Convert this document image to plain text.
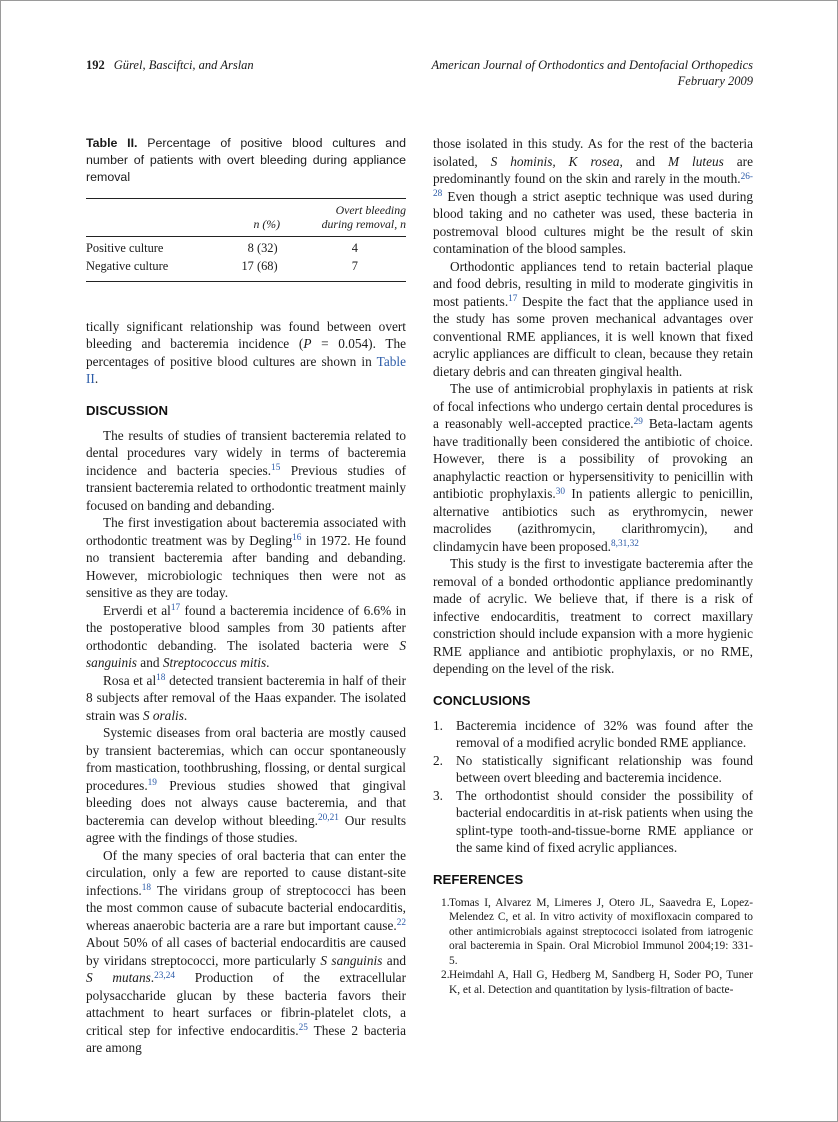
192 Gürel, Basciftci, and Arslan	American Journal of Orthodontics and Dentofacial Orthopedics
February 2009
Table II. Percentage of positive blood cultures and number of patients with overt bleeding during appliance removal
	n (%)	Overt bleeding during removal, n
Positive culture	8 (32)	4
Negative culture	17 (68)	7

tically significant relationship was found between overt bleeding and bacteremia incidence (P = 0.054). The percentages of positive blood cultures are shown in Table II.

DISCUSSION

The results of studies of transient bacteremia related to dental procedures vary widely in terms of bacteremia incidence and bacteria species.$^{15}$ Previous studies of transient bacteremia related to orthodontic treatment mainly focused on banding and debanding.

The first investigation about bacteremia associated with orthodontic treatment was by Degling$^{16}$ in 1972. He found no transient bacteremia after banding and debanding. However, microbiologic techniques then were not as sensitive as they are today.

Erverdi et al$^{17}$ found a bacteremia incidence of 6.6% in the postoperative blood samples from 30 patients after orthodontic debanding. The isolated bacteria were S sanguinis and Streptococcus mitis.

Rosa et al$^{18}$ detected transient bacteremia in half of their 8 subjects after removal of the Haas expander. The isolated strain was S oralis.

Systemic diseases from oral bacteria are mostly caused by transient bacteremias, which can occur spontaneously from mastication, toothbrushing, flossing, or dental surgical procedures.$^{19}$ Previous studies showed that gingival bleeding does not always cause bacteremia, and that bacteremia can develop without bleeding.$^{20,21}$ Our results agree with the findings of those studies.

Of the many species of oral bacteria that can enter the circulation, only a few are reported to cause distant-site infections.$^{18}$ The viridans group of streptococci has been the most common cause of subacute bacterial endocarditis, whereas anaerobic bacteria are a rare but important cause.$^{22}$ About 50% of all cases of bacterial endocarditis are caused by viridans streptococci, more particularly S sanguinis and S mutans.$^{23,24}$ Production of the extracellular polysaccharide glucan by these bacteria favors their attachment to heart surfaces or fibrin-platelet clots, a critical step for infective endocarditis.$^{25}$ These 2 bacteria are among

those isolated in this study. As for the rest of the bacteria isolated, S hominis, K rosea, and M luteus are predominantly found on the skin and rarely in the mouth.$^{26-28}$ Even though a strict aseptic technique was used during blood taking and no catheter was used, these bacteria in postremoval blood cultures might be the result of skin contamination of the blood samples.

Orthodontic appliances tend to retain bacterial plaque and food debris, resulting in mild to moderate gingivitis in most patients.$^{17}$ Despite the fact that the appliance used in the study has some proven mechanical advantages over conventional RME appliances, it is well known that fixed acrylic appliances are difficult to clean, because they retain dietary debris and can threaten gingival health.

The use of antimicrobial prophylaxis in patients at risk of focal infections who undergo certain dental procedures is a reasonably well-accepted practice.$^{29}$ Beta-lactam agents have traditionally been considered the antibiotic of choice. However, there is a possibility of provoking an anaphylactic reaction or hypersensitivity to penicillin with antibiotic prophylaxis.$^{30}$ In patients allergic to penicillin, alternative antibiotics such as erythromycin, newer macrolides (azithromycin, clarithromycin), and clindamycin have been proposed.$^{8,31,32}$

This study is the first to investigate bacteremia after the removal of a bonded orthodontic appliance predominantly made of acrylic. We believe that, if there is a risk of infective endocarditis, treatment to correct maxillary constriction should include expansion with a more hygienic RME appliance and antibiotic prophylaxis, or no RME, depending on the level of the risk.

CONCLUSIONS
1. Bacteremia incidence of 32% was found after the removal of a modified acrylic bonded RME appliance.
2. No statistically significant relationship was found between overt bleeding and bacteremia incidence.
3. The orthodontist should consider the possibility of bacterial endocarditis in at-risk patients when using the splint-type tooth-and-tissue-borne RME appliance or the same kind of fixed acrylic appliances.
REFERENCES
1. Tomas I, Alvarez M, Limeres J, Otero JL, Saavedra E, Lopez-Melendez C, et al. In vitro activity of moxifloxacin compared to other antimicrobials against streptococci isolated from iatrogenic oral bacteremia in Spain. Oral Microbiol Immunol 2004;19: 331-5.
2. Heimdahl A, Hall G, Hedberg M, Sandberg H, Soder PO, Tuner K, et al. Detection and quantitation by lysis-filtration of bacte-
